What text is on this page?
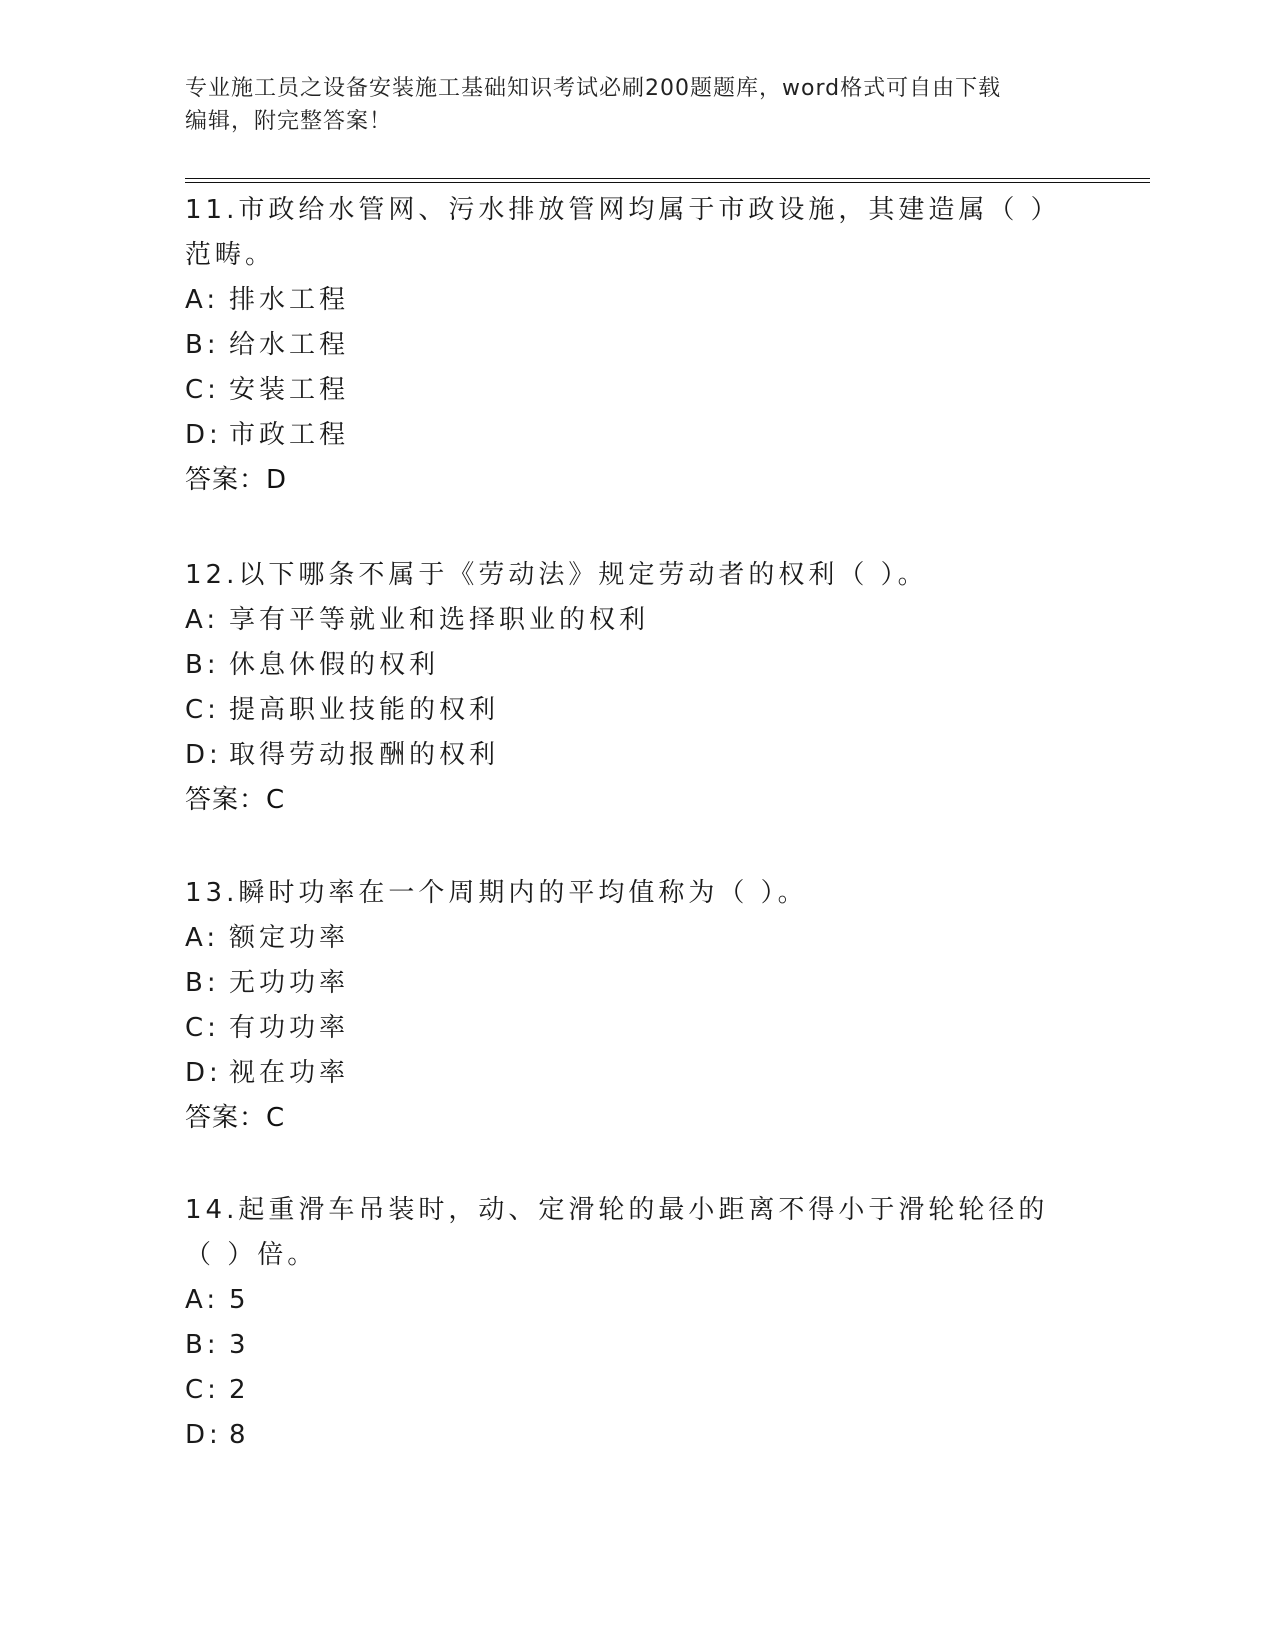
专业施工员之设备安装施工基础知识考试必刷200题题库，word格式可自由下载
编辑，附完整答案！

11.市政给水管网、污水排放管网均属于市政设施，其建造属（ ）范畴。

A: 排水工程

B: 给水工程

C: 安装工程

D: 市政工程

答案：D

12.以下哪条不属于《劳动法》规定劳动者的权利（ ）。

A: 享有平等就业和选择职业的权利

B: 休息休假的权利

C: 提高职业技能的权利

D: 取得劳动报酬的权利

答案：C

13.瞬时功率在一个周期内的平均值称为（ ）。

A: 额定功率

B: 无功功率

C: 有功功率

D: 视在功率

答案：C

14.起重滑车吊装时，动、定滑轮的最小距离不得小于滑轮轮径的（ ）倍。

A: 5

B: 3

C: 2

D: 8
